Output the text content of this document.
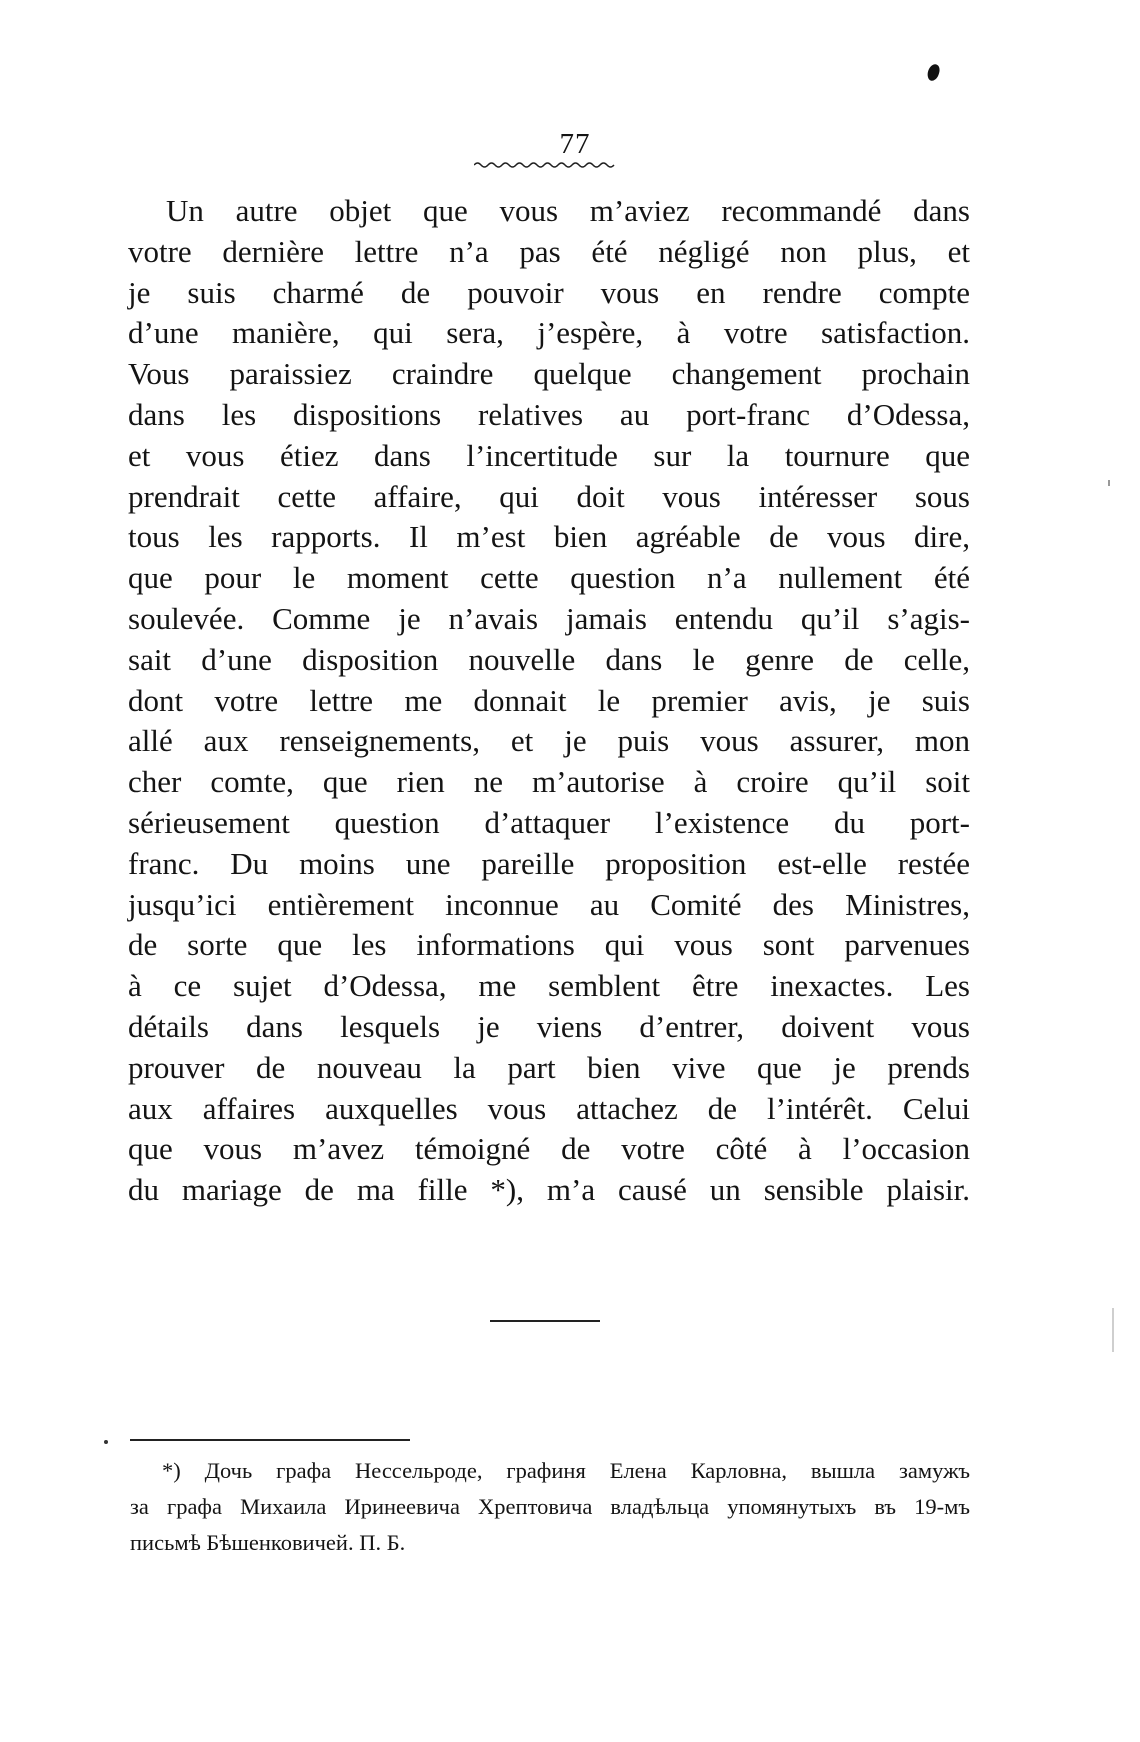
77
Un autre objet que vous m’aviez recommandé dans
votre dernière lettre n’a pas été négligé non plus, et
je suis charmé de pouvoir vous en rendre compte
d’une manière, qui sera, j’espère, à votre satisfaction.
Vous paraissiez craindre quelque changement prochain
dans les dispositions relatives au port-franc d’Odessa,
et vous étiez dans l’incertitude sur la tournure que
prendrait cette affaire, qui doit vous intéresser sous
tous les rapports. Il m’est bien agréable de vous dire,
que pour le moment cette question n’a nullement été
soulevée. Comme je n’avais jamais entendu qu’il s’agis-
sait d’une disposition nouvelle dans le genre de celle,
dont votre lettre me donnait le premier avis, je suis
allé aux renseignements, et je puis vous assurer, mon
cher comte, que rien ne m’autorise à croire qu’il soit
sérieusement question d’attaquer l’existence du port-
franc. Du moins une pareille proposition est-elle restée
jusqu’ici entièrement inconnue au Comité des Ministres,
de sorte que les informations qui vous sont parvenues
à ce sujet d’Odessa, me semblent être inexactes. Les
détails dans lesquels je viens d’entrer, doivent vous
prouver de nouveau la part bien vive que je prends
aux affaires auxquelles vous attachez de l’intérêt. Celui
que vous m’avez témoigné de votre côté à l’occasion
du mariage de ma fille *), m’a causé un sensible plaisir.
*) Дочь графа Нессельроде, графиня Елена Карловна, вышла замужъ
за графа Михаила Иринеевича Хрептовича владѣльца упомянутыхъ въ 19-мъ
письмѣ Бѣшенковичей. П. Б.
